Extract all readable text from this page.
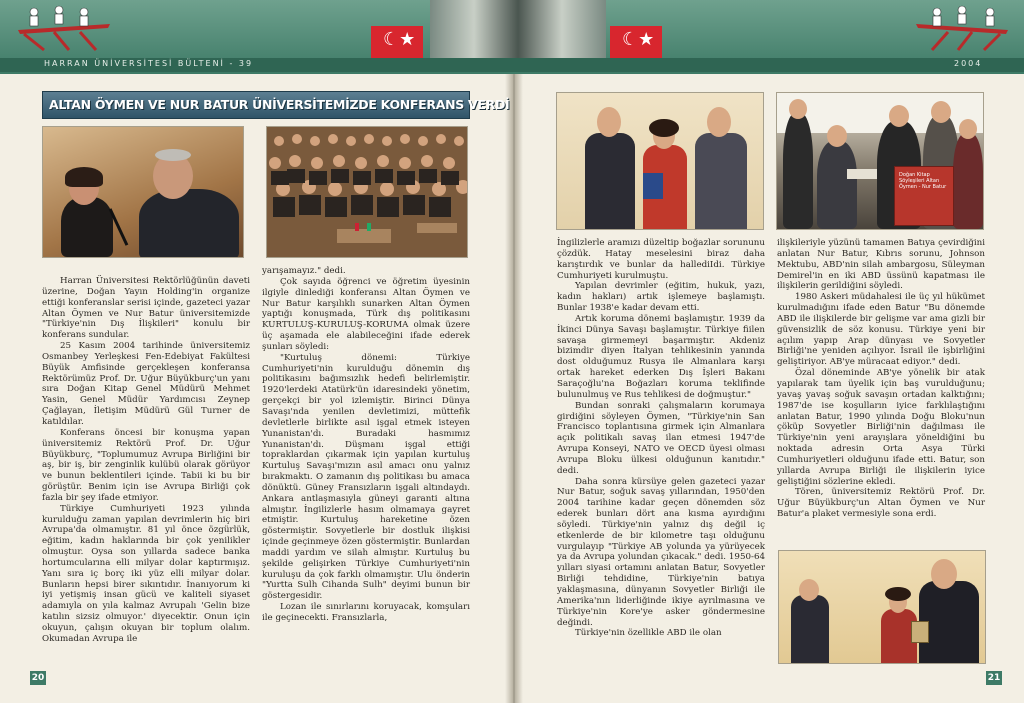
☾★	☾★
HARRAN ÜNİVERSİTESİ BÜLTENİ - 39	2004
ALTAN ÖYMEN VE NUR BATUR ÜNİVERSİTEMİZDE KONFERANS VERDİ
Doğan Kitap Söyleşileri Altan Öymen - Nur Batur

Harran Üniversitesi Rektörlüğünün daveti üzerine, Doğan Yayın Holding'in organize ettiği konferanslar serisi içinde, gazeteci yazar Altan Öymen ve Nur Batur üniversitemizde "Türkiye'nin Dış İlişkileri" konulu bir konferans sundular.

25 Kasım 2004 tarihinde üniversitemiz Osmanbey Yerleşkesi Fen-Edebiyat Fakültesi Büyük Amfisinde gerçekleşen konferansa Rektörümüz Prof. Dr. Uğur Büyükburç'un yanı sıra Doğan Kitap Genel Müdürü Mehmet Yasin, Genel Müdür Yardımcısı Zeynep Çağlayan, İletişim Müdürü Gül Turner de katıldılar.

Konferans öncesi bir konuşma yapan üniversitemiz Rektörü Prof. Dr. Uğur Büyükburç, "Toplumumuz Avrupa Birliğini bir aş, bir iş, bir zenginlik kulübü olarak görüyor ve bunun beklentileri içinde. Tabii ki bu bir görüştür. Benim için ise Avrupa Birliği çok fazla bir şey ifade etmiyor.

Türkiye Cumhuriyeti 1923 yılında kurulduğu zaman yapılan devrimlerin hiç biri Avrupa'da olmamıştır. 81 yıl önce özgürlük, eğitim, kadın haklarında bir çok yenilikler olmuştur. Oysa son yıllarda sadece banka hortumcularına elli milyar dolar kaptırmışız. Yanı sıra iç borç iki yüz elli milyar dolar. Bunların hepsi birer sıkıntıdır. İnanıyorum ki iyi yetişmiş insan gücü ve kaliteli siyaset adamıyla on yıla kalmaz Avrupalı 'Gelin bize katılın sizsiz olmuyor.' diyecektir. Onun için okuyun, çalışın okuyan bir toplum olalım. Okumadan Avrupa ile

yarışamayız." dedi.

Çok sayıda öğrenci ve öğretim üyesinin ilgiyle dinlediği konferansı Altan Öymen ve Nur Batur karşılıklı sunarken Altan Öymen yaptığı konuşmada, Türk dış politikasını KURTULUŞ-KURULUŞ-KORUMA olmak üzere üç aşamada ele alabileceğini ifade ederek şunları söyledi:

"Kurtuluş dönemi: Türkiye Cumhuriyeti'nin kurulduğu dönemin dış politikasını bağımsızlık hedefi belirlemiştir. 1920'lerdeki Atatürk'ün idaresindeki yönetim, gerçekçi bir yol izlemiştir. Birinci Dünya Savaşı'nda yenilen devletimizi, müttefik devletlerle birlikte asıl işgal etmek isteyen Yunanistan'dı. Buradaki hasmımız Yunanistan'dı. Düşmanı işgal ettiği topraklardan çıkarmak için yapılan kurtuluş Kurtuluş Savaşı'mızın asıl amacı onu yalnız bırakmaktı. O zamanın dış politikası bu amaca dönüktü. Güney Fransızların işgali altındaydı. Ankara antlaşmasıyla güneyi garanti altına almıştır. İngilizlerle hasım olmamaya gayret etmiştir. Kurtuluş hareketine özen göstermiştir. Sovyetlerle bir dostluk ilişkisi içinde geçinmeye özen göstermiştir. Bunlardan maddi yardım ve silah almıştır. Kurtuluş bu şekilde gelişirken Türkiye Cumhuriyeti'nin kuruluşu da çok farklı olmamıştır. Ulu önderin "Yurtta Sulh Cihanda Sulh" deyimi bunun bir göstergesidir.

Lozan ile sınırlarını koruyacak, komşuları ile geçinecekti. Fransızlarla,

İngilizlerle aramızı düzeltip boğazlar sorununu çözdük. Hatay meselesini biraz daha karıştırdık ve bunlar da hallediIdi. Türkiye Cumhuriyeti kurulmuştu.

Yapılan devrimler (eğitim, hukuk, yazı, kadın hakları) artık işlemeye başlamıştı. Bunlar 1938'e kadar devam etti.

Artık koruma dönemi başlamıştır. 1939 da İkinci Dünya Savaşı başlamıştır. Türkiye fiilen savaşa girmemeyi başarmıştır. Akdeniz bizimdir diyen İtalyan tehlikesinin yanında dost olduğumuz Rusya ile Almanlara karşı ortak hareket ederken Dış İşleri Bakanı Saraçoğlu'na Boğazları koruma teklifinde bulunulmuş ve Rus tehlikesi de doğmuştur."

Bundan sonraki çalışmaların korumaya girdiğini söyleyen Öymen, "Türkiye'nin San Francisco toplantısına girmek için Almanlara açık politikalı savaş ilan etmesi 1947'de Avrupa Konseyi, NATO ve OECD üyesi olması Avrupa Bloku ülkesi olduğunun kanıtıdır." dedi.

Daha sonra kürsüye gelen gazeteci yazar Nur Batur, soğuk savaş yıllarından, 1950'den 2004 tarihine kadar geçen dönemden söz ederek bunları dört ana kısma ayırdığını söyledi. Türkiye'nin yalnız dış değil iç etkenlerde de bir kilometre taşı olduğunu vurgulayıp "Türkiye AB yolunda ya yürüyecek ya da Avrupa yolundan çıkacak." dedi. 1950-64 yılları siyasi ortamını anlatan Batur, Sovyetler Birliği tehdidine, Türkiye'nin batıya yaklaşmasına, dünyanın Sovyetler Birliği ile Amerika'nın liderliğinde ikiye ayrılmasına ve Türkiye'nin Kore'ye asker göndermesine değindi.

Türkiye'nin özellikle ABD ile olan

ilişkileriyle yüzünü tamamen Batıya çevirdiğini anlatan Nur Batur, Kıbrıs sorunu, Johnson Mektubu, ABD'nin silah ambargosu, Süleyman Demirel'in en iki ABD üssünü kapatması ile ilişkilerin gerildiğini söyledi.

1980 Askeri müdahalesi ile üç yıl hükümet kurulmadığını ifade eden Batur "Bu dönemde ABD ile ilişkilerde bir gelişme var ama gizli bir güvensizlik de söz konusu. Türkiye yeni bir açılım yapıp Arap dünyası ve Sovyetler Birliği'ne yeniden açılıyor. İsrail ile işbirliğini geliştiriyor. AB'ye müracaat ediyor." dedi.

Özal döneminde AB'ye yönelik bir atak yapılarak tam üyelik için baş vurulduğunu; yavaş yavaş soğuk savaşın ortadan kalktığını; 1987'de ise koşulların iyice farklılaştığını anlatan Batur, 1990 yılında Doğu Bloku'nun çöküp Sovyetler Birliği'nin dağılması ile Türkiye'nin yeni arayışlara yöneldiğini bu noktada adresin Orta Asya Türki Cumhuriyetleri olduğunu ifade etti. Batur, son yıllarda Avrupa Birliği ile ilişkilerin iyice geliştiğini sözlerine ekledi.

Tören, üniversitemiz Rektörü Prof. Dr. Uğur Büyükburç'un Altan Öymen ve Nur Batur'a plaket vermesiyle sona erdi.

20	21
